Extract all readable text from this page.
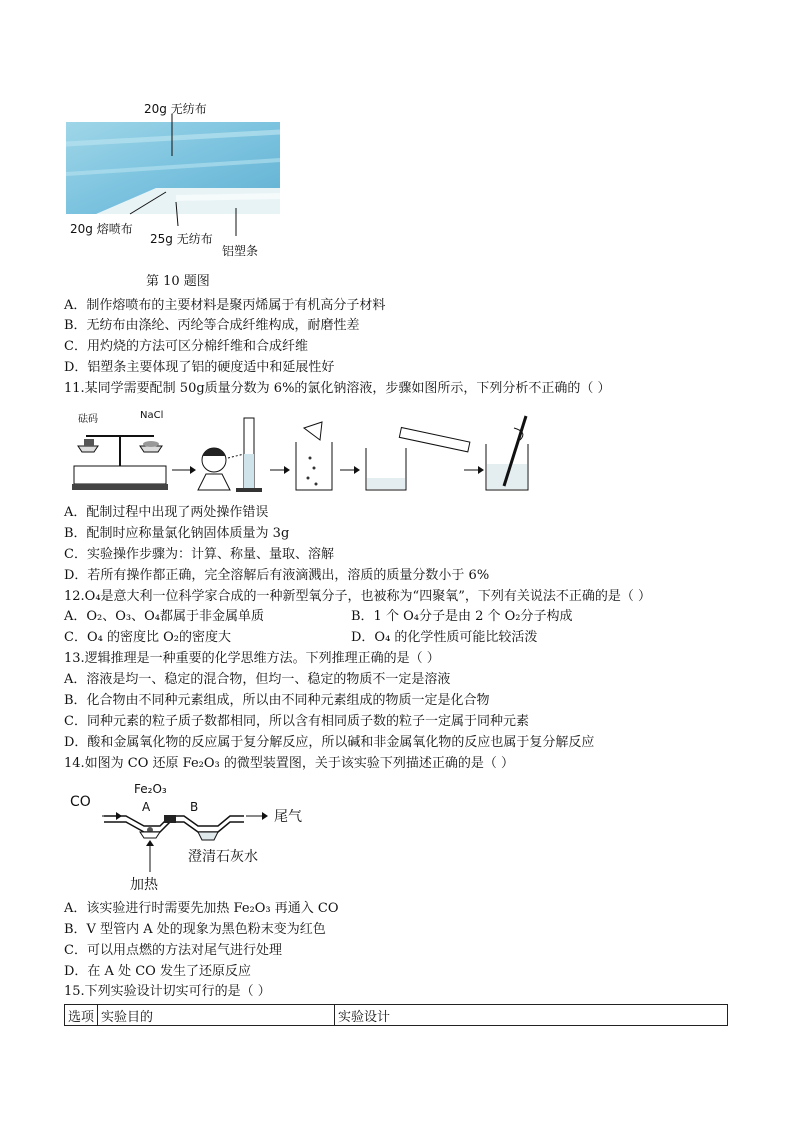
20g 无纺布
20g 熔喷布
25g 无纺布
铝塑条
第 10 题图
A．制作熔喷布的主要材料是聚丙烯属于有机高分子材料
B．无纺布由涤纶、丙纶等合成纤维构成，耐磨性差
C．用灼烧的方法可区分棉纤维和合成纤维
D．铝塑条主要体现了铝的硬度适中和延展性好
11.某同学需要配制 50g质量分数为 6%的氯化钠溶液，步骤如图所示，下列分析不正确的（ ）
砝码	NaCl
A．配制过程中出现了两处操作错误
B．配制时应称量氯化钠固体质量为 3g
C．实验操作步骤为：计算、称量、量取、溶解
D．若所有操作都正确，完全溶解后有液滴溅出，溶质的质量分数小于 6%
12.O₄是意大利一位科学家合成的一种新型氧分子，也被称为“四聚氧”，下列有关说法不正确的是（ ）
A．O₂、O₃、O₄都属于非金属单质	B．1 个 O₄分子是由 2 个 O₂分子构成
C．O₄ 的密度比 O₂的密度大	D．O₄ 的化学性质可能比较活泼
13.逻辑推理是一种重要的化学思维方法。下列推理正确的是（ ）
A．溶液是均一、稳定的混合物，但均一、稳定的物质不一定是溶液
B．化合物由不同种元素组成，所以由不同种元素组成的物质一定是化合物
C．同种元素的粒子质子数都相同，所以含有相同质子数的粒子一定属于同种元素
D．酸和金属氧化物的反应属于复分解反应，所以碱和非金属氧化物的反应也属于复分解反应
14.如图为 CO 还原 Fe₂O₃ 的微型装置图，关于该实验下列描述正确的是（ ）
CO
Fe₂O₃
A	B
尾气
澄清石灰水
加热
A．该实验进行时需要先加热 Fe₂O₃ 再通入 CO
B．V 型管内 A 处的现象为黑色粉末变为红色
C．可以用点燃的方法对尾气进行处理
D．在 A 处 CO 发生了还原反应
15.下列实验设计切实可行的是（ ）
选项	实验目的	实验设计
